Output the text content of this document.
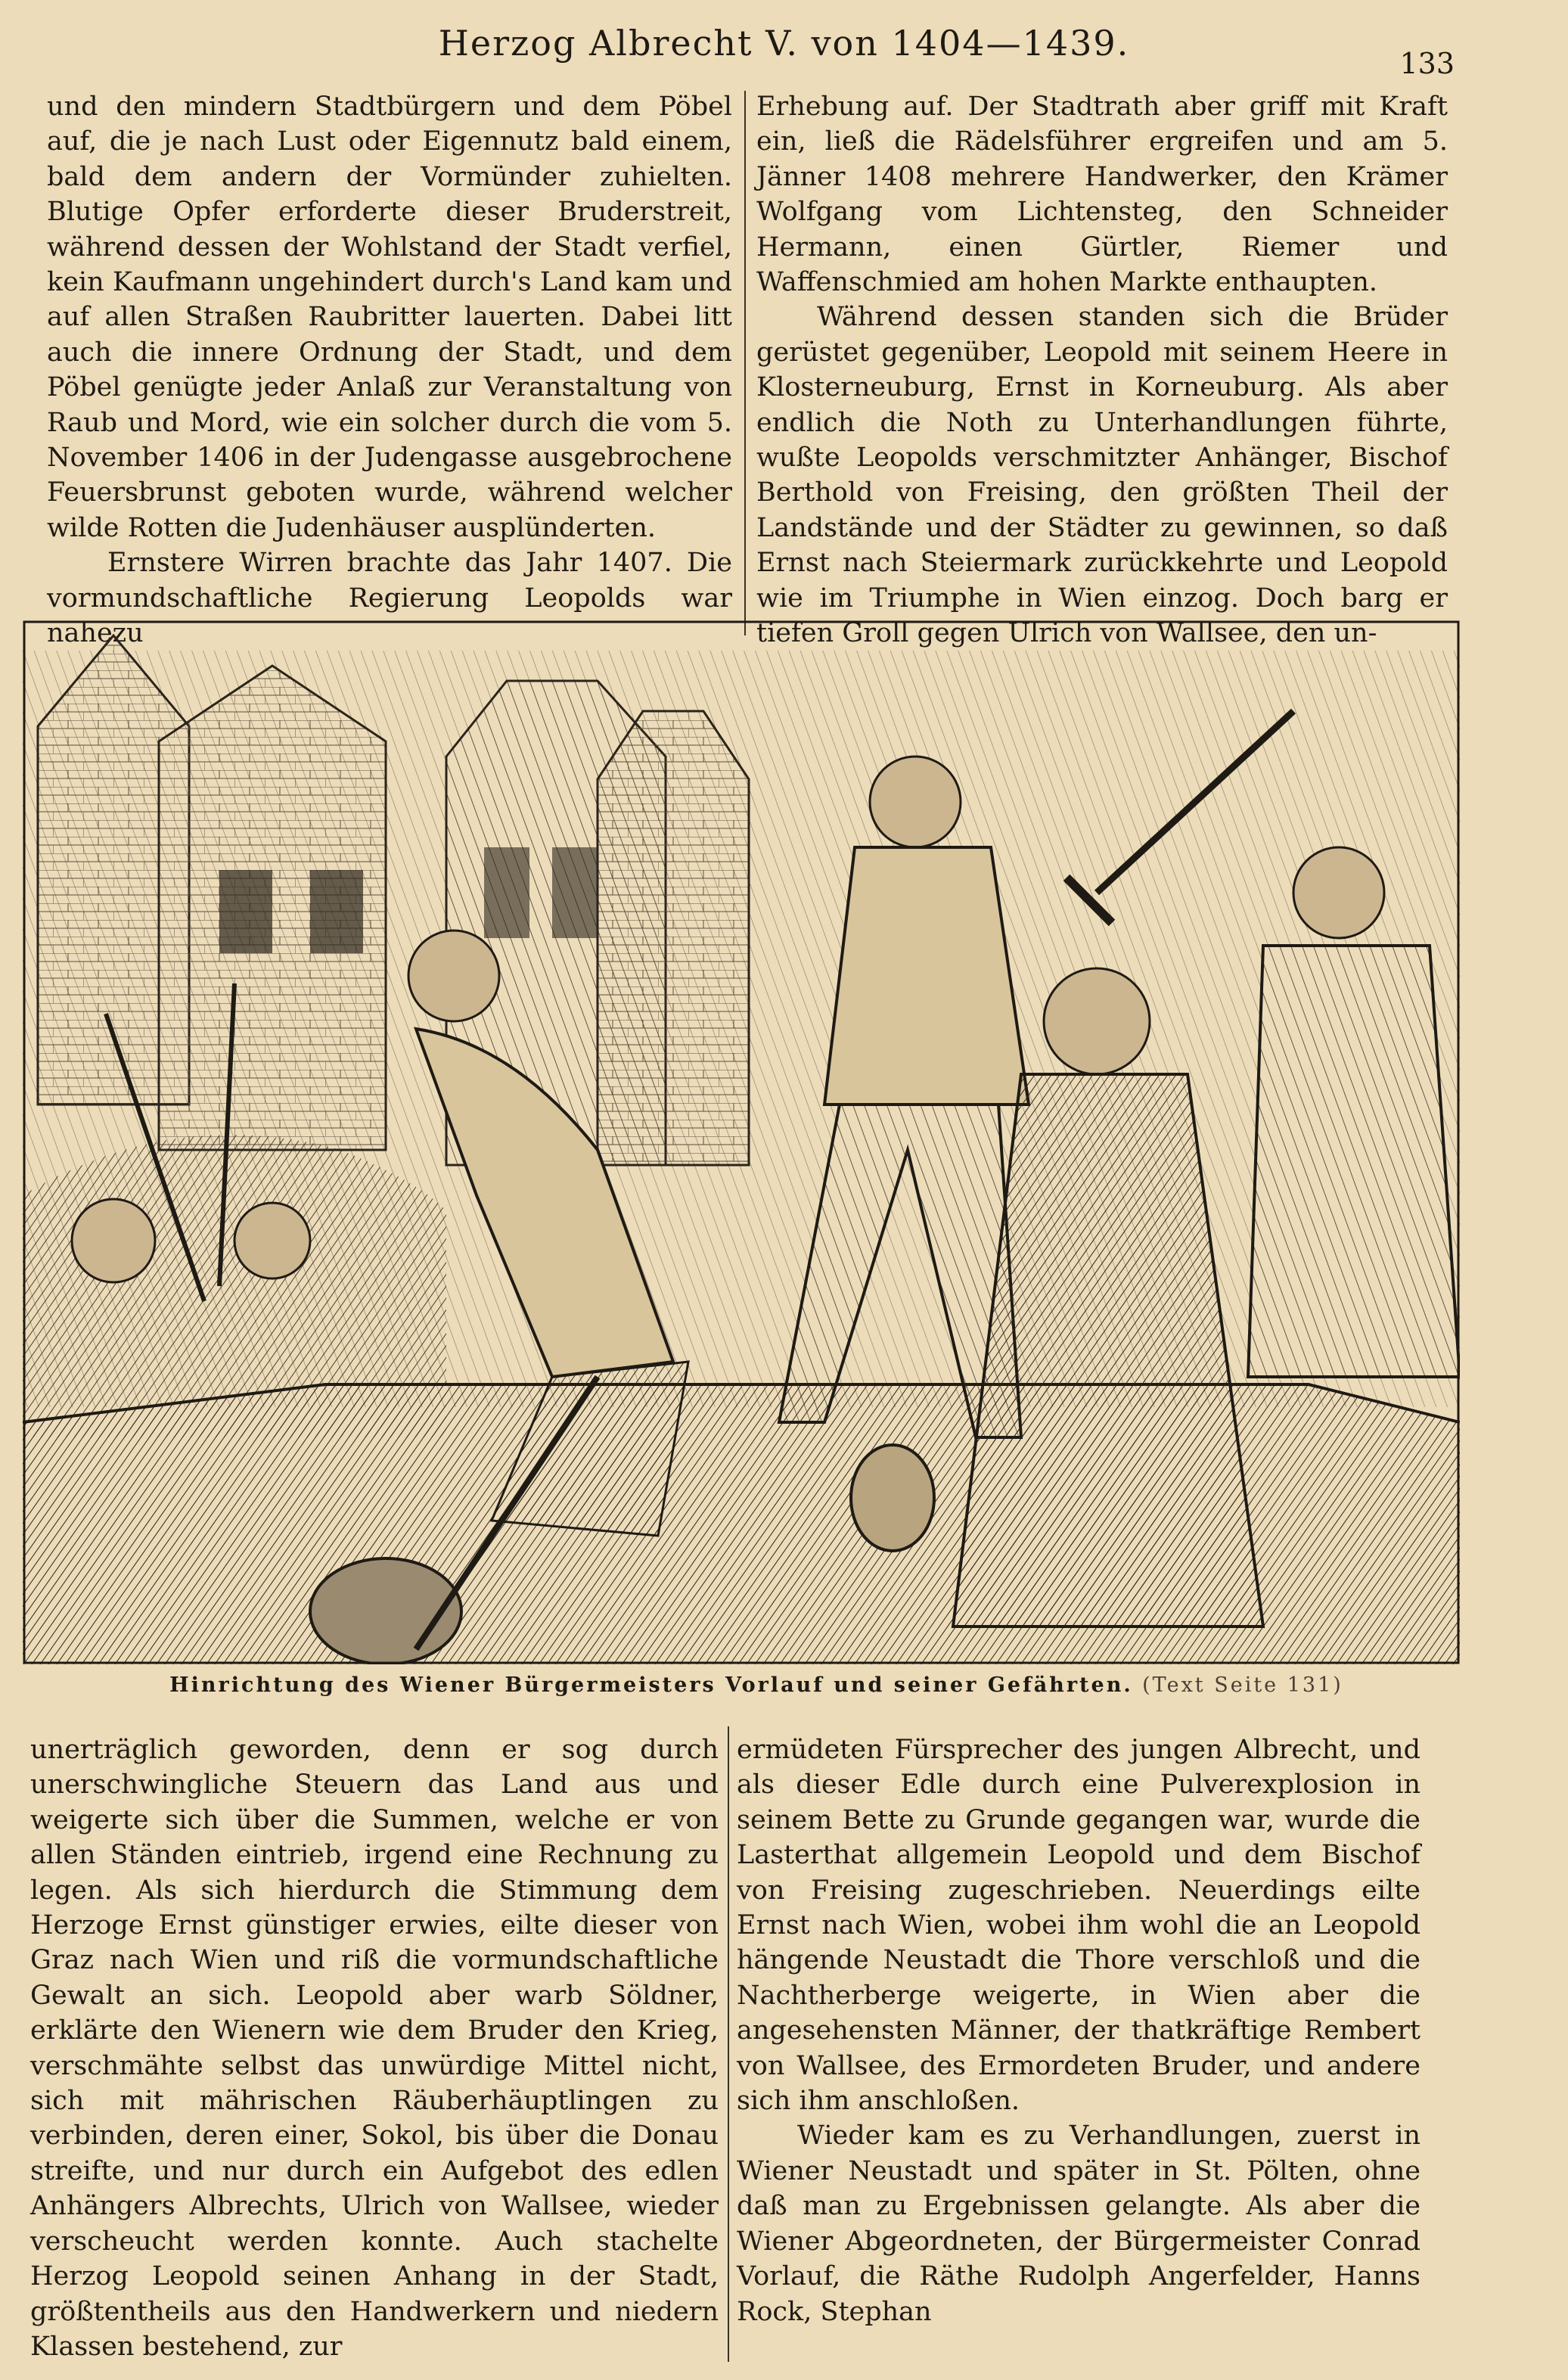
Herzog Albrecht V. von 1404—1439.	133

und den mindern Stadtbürgern und dem Pöbel auf, die je nach Lust oder Eigennutz bald einem, bald dem andern der Vormünder zuhielten. Blutige Opfer erforderte dieser Bruderstreit, während dessen der Wohlstand der Stadt verfiel, kein Kaufmann ungehindert durch's Land kam und auf allen Straßen Raubritter lauerten. Dabei litt auch die innere Ordnung der Stadt, und dem Pöbel genügte jeder Anlaß zur Veranstaltung von Raub und Mord, wie ein solcher durch die vom 5. November 1406 in der Judengasse ausgebrochene Feuersbrunst geboten wurde, während welcher wilde Rotten die Judenhäuser ausplünderten.

Ernstere Wirren brachte das Jahr 1407. Die vormundschaftliche Regierung Leopolds war nahezu

Erhebung auf. Der Stadtrath aber griff mit Kraft ein, ließ die Rädelsführer ergreifen und am 5. Jänner 1408 mehrere Handwerker, den Krämer Wolfgang vom Lichtensteg, den Schneider Hermann, einen Gürtler, Riemer und Waffenschmied am hohen Markte enthaupten.

Während dessen standen sich die Brüder gerüstet gegenüber, Leopold mit seinem Heere in Klosterneuburg, Ernst in Korneuburg. Als aber endlich die Noth zu Unterhandlungen führte, wußte Leopolds verschmitzter Anhänger, Bischof Berthold von Freising, den größten Theil der Landstände und der Städter zu gewinnen, so daß Ernst nach Steiermark zurückkehrte und Leopold wie im Triumphe in Wien einzog. Doch barg er tiefen Groll gegen Ulrich von Wallsee, den un-

Hinrichtung des Wiener Bürgermeisters Vorlauf und seiner Gefährten. (Text Seite 131)

unerträglich geworden, denn er sog durch unerschwingliche Steuern das Land aus und weigerte sich über die Summen, welche er von allen Ständen eintrieb, irgend eine Rechnung zu legen. Als sich hierdurch die Stimmung dem Herzoge Ernst günstiger erwies, eilte dieser von Graz nach Wien und riß die vormundschaftliche Gewalt an sich. Leopold aber warb Söldner, erklärte den Wienern wie dem Bruder den Krieg, verschmähte selbst das unwürdige Mittel nicht, sich mit mährischen Räuberhäuptlingen zu verbinden, deren einer, Sokol, bis über die Donau streifte, und nur durch ein Aufgebot des edlen Anhängers Albrechts, Ulrich von Wallsee, wieder verscheucht werden konnte. Auch stachelte Herzog Leopold seinen Anhang in der Stadt, größtentheils aus den Handwerkern und niedern Klassen bestehend, zur

ermüdeten Fürsprecher des jungen Albrecht, und als dieser Edle durch eine Pulverexplosion in seinem Bette zu Grunde gegangen war, wurde die Lasterthat allgemein Leopold und dem Bischof von Freising zugeschrieben. Neuerdings eilte Ernst nach Wien, wobei ihm wohl die an Leopold hängende Neustadt die Thore verschloß und die Nachtherberge weigerte, in Wien aber die angesehensten Männer, der thatkräftige Rembert von Wallsee, des Ermordeten Bruder, und andere sich ihm anschloßen.

Wieder kam es zu Verhandlungen, zuerst in Wiener Neustadt und später in St. Pölten, ohne daß man zu Ergebnissen gelangte. Als aber die Wiener Abgeordneten, der Bürgermeister Conrad Vorlauf, die Räthe Rudolph Angerfelder, Hanns Rock, Stephan
